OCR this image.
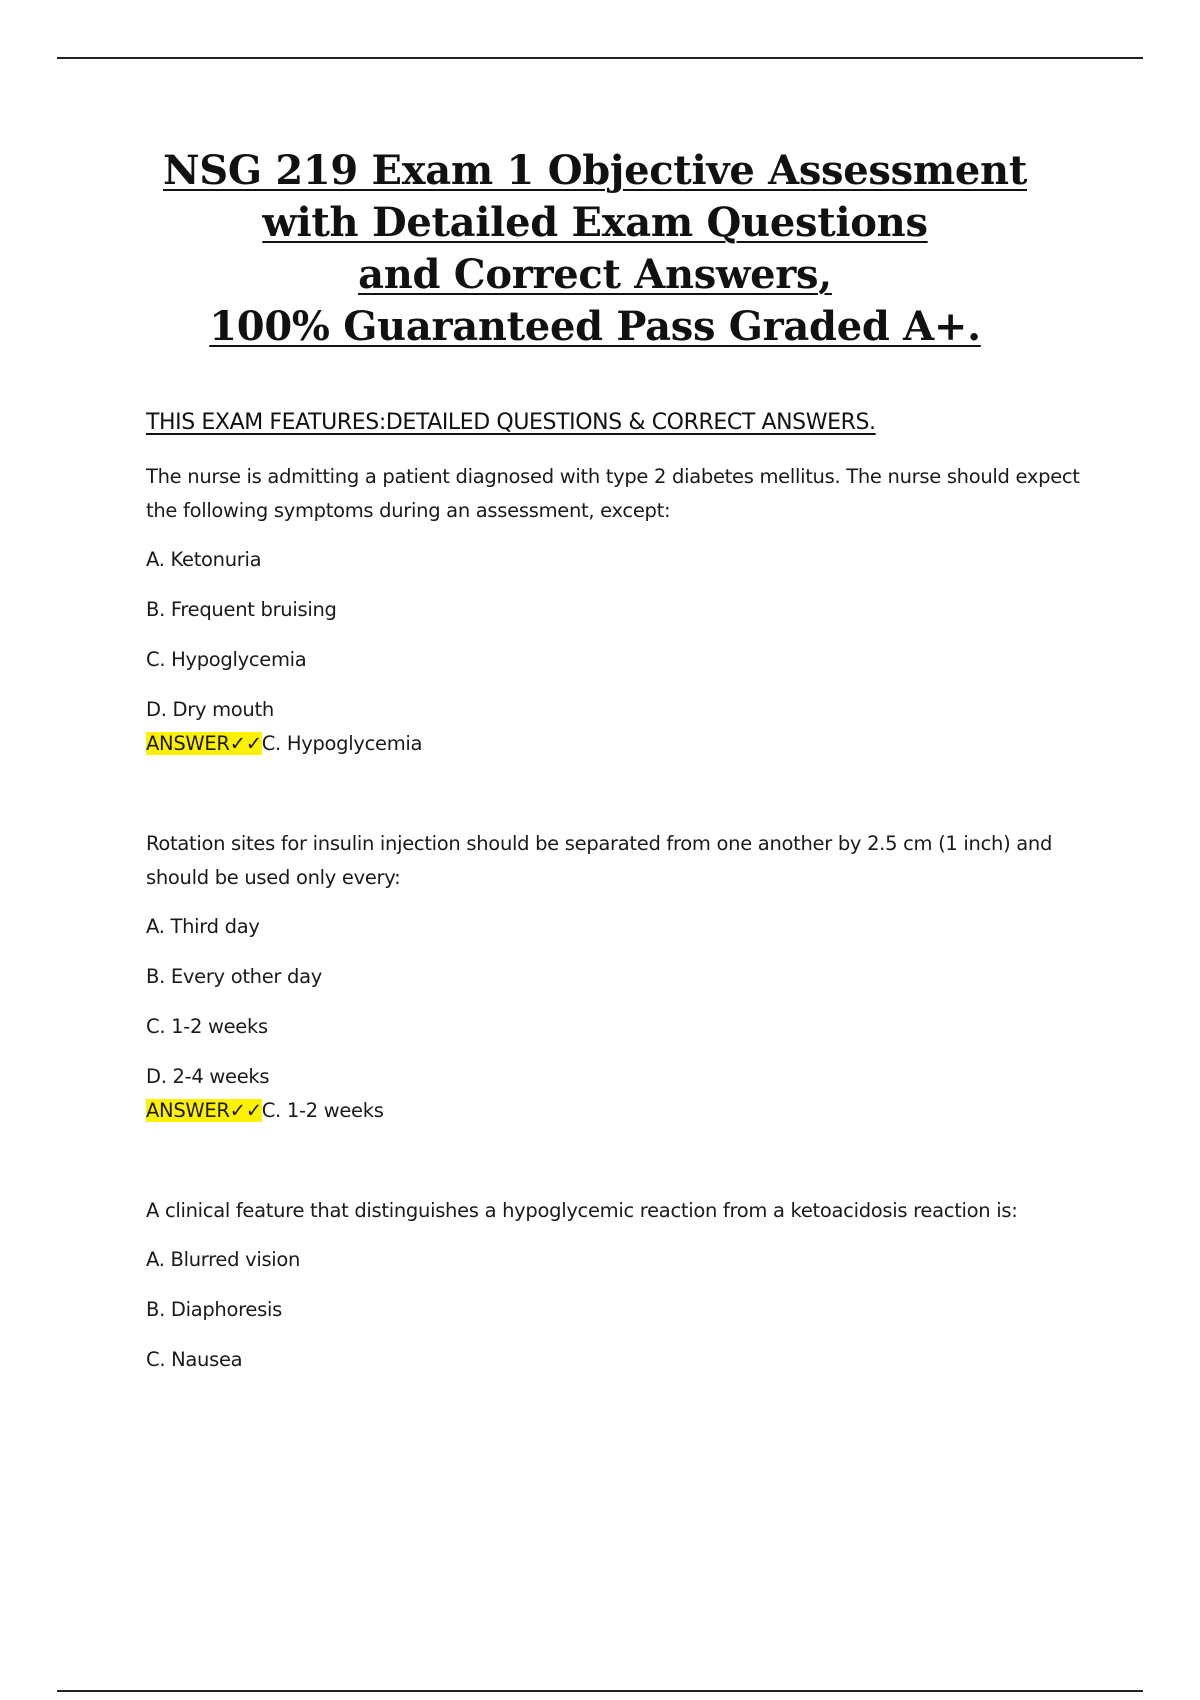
NSG 219 Exam 1 Objective Assessment
with Detailed Exam Questions
and Correct Answers,
100% Guaranteed Pass Graded A+.
THIS EXAM FEATURES:DETAILED QUESTIONS & CORRECT ANSWERS.

The nurse is admitting a patient diagnosed with type 2 diabetes mellitus. The nurse should expect the following symptoms during an assessment, except:

A. Ketonuria

B. Frequent bruising

C. Hypoglycemia

D. Dry mouth

ANSWER✓✓C. Hypoglycemia

Rotation sites for insulin injection should be separated from one another by 2.5 cm (1 inch) and should be used only every:

A. Third day

B. Every other day

C. 1-2 weeks

D. 2-4 weeks

ANSWER✓✓C. 1-2 weeks

A clinical feature that distinguishes a hypoglycemic reaction from a ketoacidosis reaction is:

A. Blurred vision

B. Diaphoresis

C. Nausea
